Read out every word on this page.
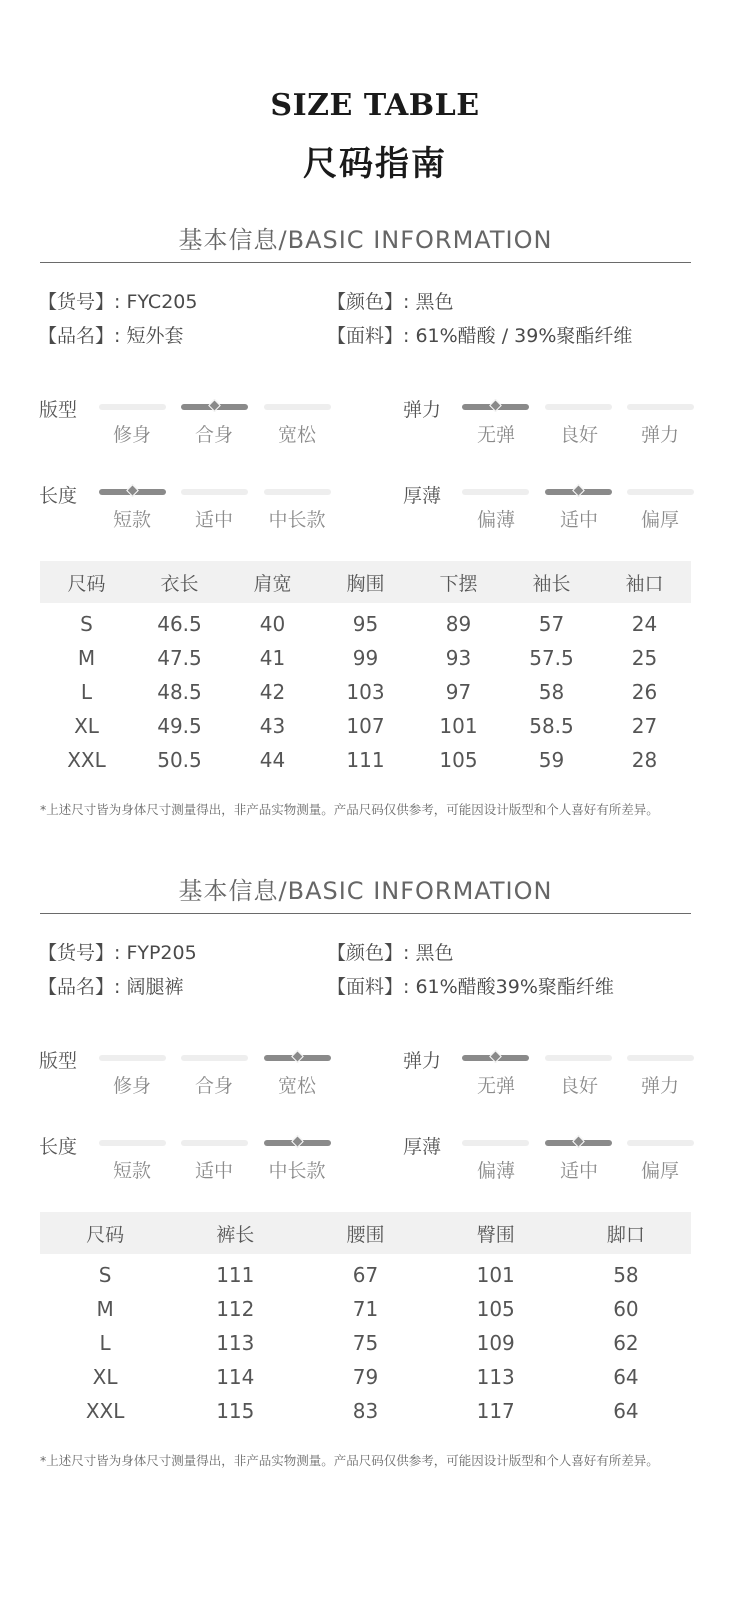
SIZE TABLE
尺码指南
基本信息/BASIC INFORMATION
【货号】: FYC205	【颜色】: 黑色
【品名】: 短外套	【面料】: 61%醋酸 / 39%聚酯纤维
版型
修身	合身	宽松
弹力
无弹	良好	弹力
长度
短款	适中	中长款
厚薄
偏薄	适中	偏厚
尺码	衣长	肩宽	胸围	下摆	袖长	袖口
S	46.5	40	95	89	57	24
M	47.5	41	99	93	57.5	25
L	48.5	42	103	97	58	26
XL	49.5	43	107	101	58.5	27
XXL	50.5	44	111	105	59	28
*上述尺寸皆为身体尺寸测量得出，非产品实物测量。产品尺码仅供参考，可能因设计版型和个人喜好有所差异。
基本信息/BASIC INFORMATION
【货号】: FYP205	【颜色】: 黑色
【品名】: 阔腿裤	【面料】: 61%醋酸39%聚酯纤维
版型
修身	合身	宽松
弹力
无弹	良好	弹力
长度
短款	适中	中长款
厚薄
偏薄	适中	偏厚
尺码	裤长	腰围	臀围	脚口
S	111	67	101	58
M	112	71	105	60
L	113	75	109	62
XL	114	79	113	64
XXL	115	83	117	64
*上述尺寸皆为身体尺寸测量得出，非产品实物测量。产品尺码仅供参考，可能因设计版型和个人喜好有所差异。
